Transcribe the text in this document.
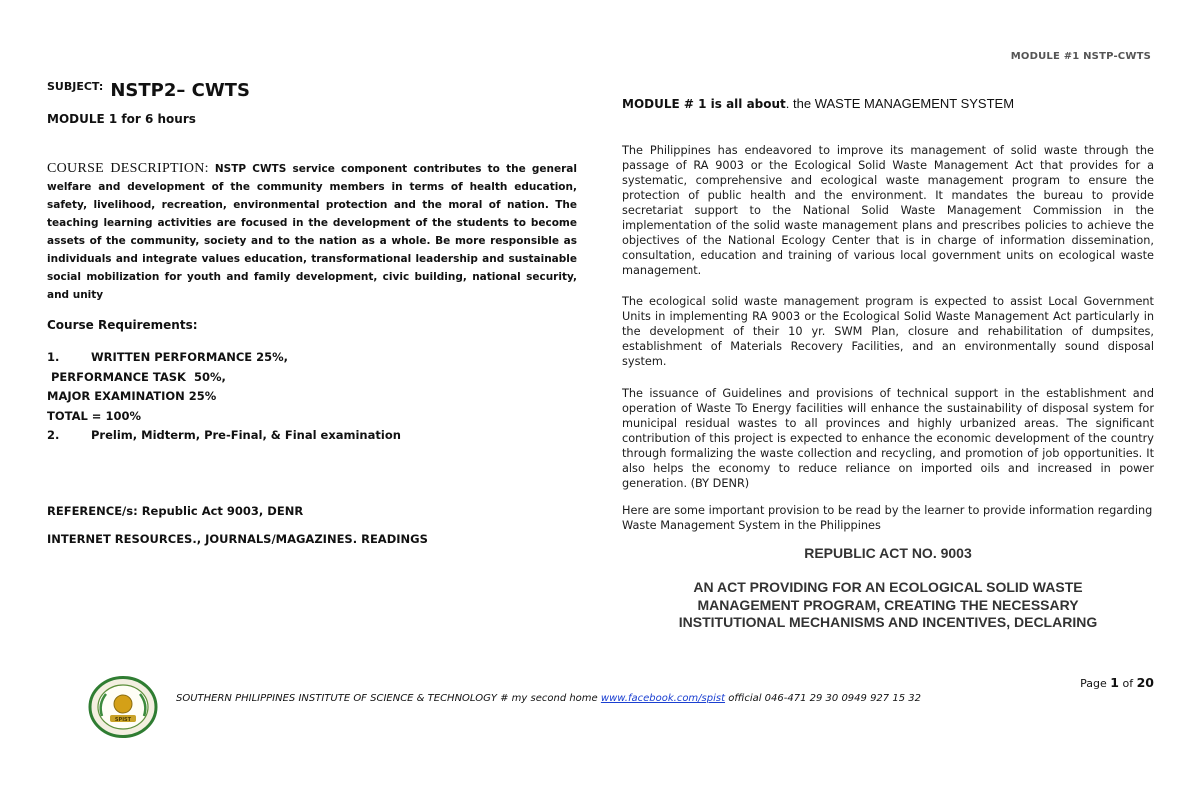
MODULE #1 NSTP-CWTS
$^{SUBJECT:}$ NSTP2– CWTS
MODULE 1 for 6 hours
COURSE DESCRIPTION: NSTP CWTS service component contributes to the general welfare and development of the community members in terms of health education, safety, livelihood, recreation, environmental protection and the moral of nation. The teaching learning activities are focused in the development of the students to become assets of the community, society and to the nation as a whole. Be more responsible as individuals and integrate values education, transformational leadership and sustainable social mobilization for youth and family development, civic building, national security, and unity
Course Requirements:
1.	WRITTEN PERFORMANCE 25%,
PERFORMANCE TASK  50%,
MAJOR EXAMINATION 25%
TOTAL = 100%
2.	Prelim, Midterm, Pre-Final, & Final examination
REFERENCE/s: Republic Act 9003, DENR
INTERNET RESOURCES., JOURNALS/MAGAZINES. READINGS
MODULE # 1 is all about. the WASTE MANAGEMENT SYSTEM

The Philippines has endeavored to improve its management of solid waste through the passage of RA 9003 or the Ecological Solid Waste Management Act that provides for a systematic, comprehensive and ecological waste management program to ensure the protection of public health and the environment. It mandates the bureau to provide secretariat support to the National Solid Waste Management Commission in the implementation of the solid waste management plans and prescribes policies to achieve the objectives of the National Ecology Center that is in charge of information dissemination, consultation, education and training of various local government units on ecological waste management.

The ecological solid waste management program is expected to assist Local Government Units in implementing RA 9003 or the Ecological Solid Waste Management Act particularly in the development of their 10 yr. SWM Plan, closure and rehabilitation of dumpsites, establishment of Materials Recovery Facilities, and an environmentally sound disposal system.

The issuance of Guidelines and provisions of technical support in the establishment and operation of Waste To Energy facilities will enhance the sustainability of disposal system for municipal residual wastes to all provinces and highly urbanized areas. The significant contribution of this project is expected to enhance the economic development of the country through formalizing the waste collection and recycling, and promotion of job opportunities. It also helps the economy to reduce reliance on imported oils and increased in power generation. (BY DENR)

Here are some important provision to be read by the learner to provide information regarding Waste Management System in the Philippines

REPUBLIC ACT NO. 9003
AN ACT PROVIDING FOR AN ECOLOGICAL SOLID WASTE
MANAGEMENT PROGRAM, CREATING THE NECESSARY
INSTITUTIONAL MECHANISMS AND INCENTIVES, DECLARING
Page 1 of 20
SPIST
SOUTHERN PHILIPPINES INSTITUTE OF SCIENCE & TECHNOLOGY # my second home www.facebook.com/spist official 046-471 29 30 0949 927 15 32
